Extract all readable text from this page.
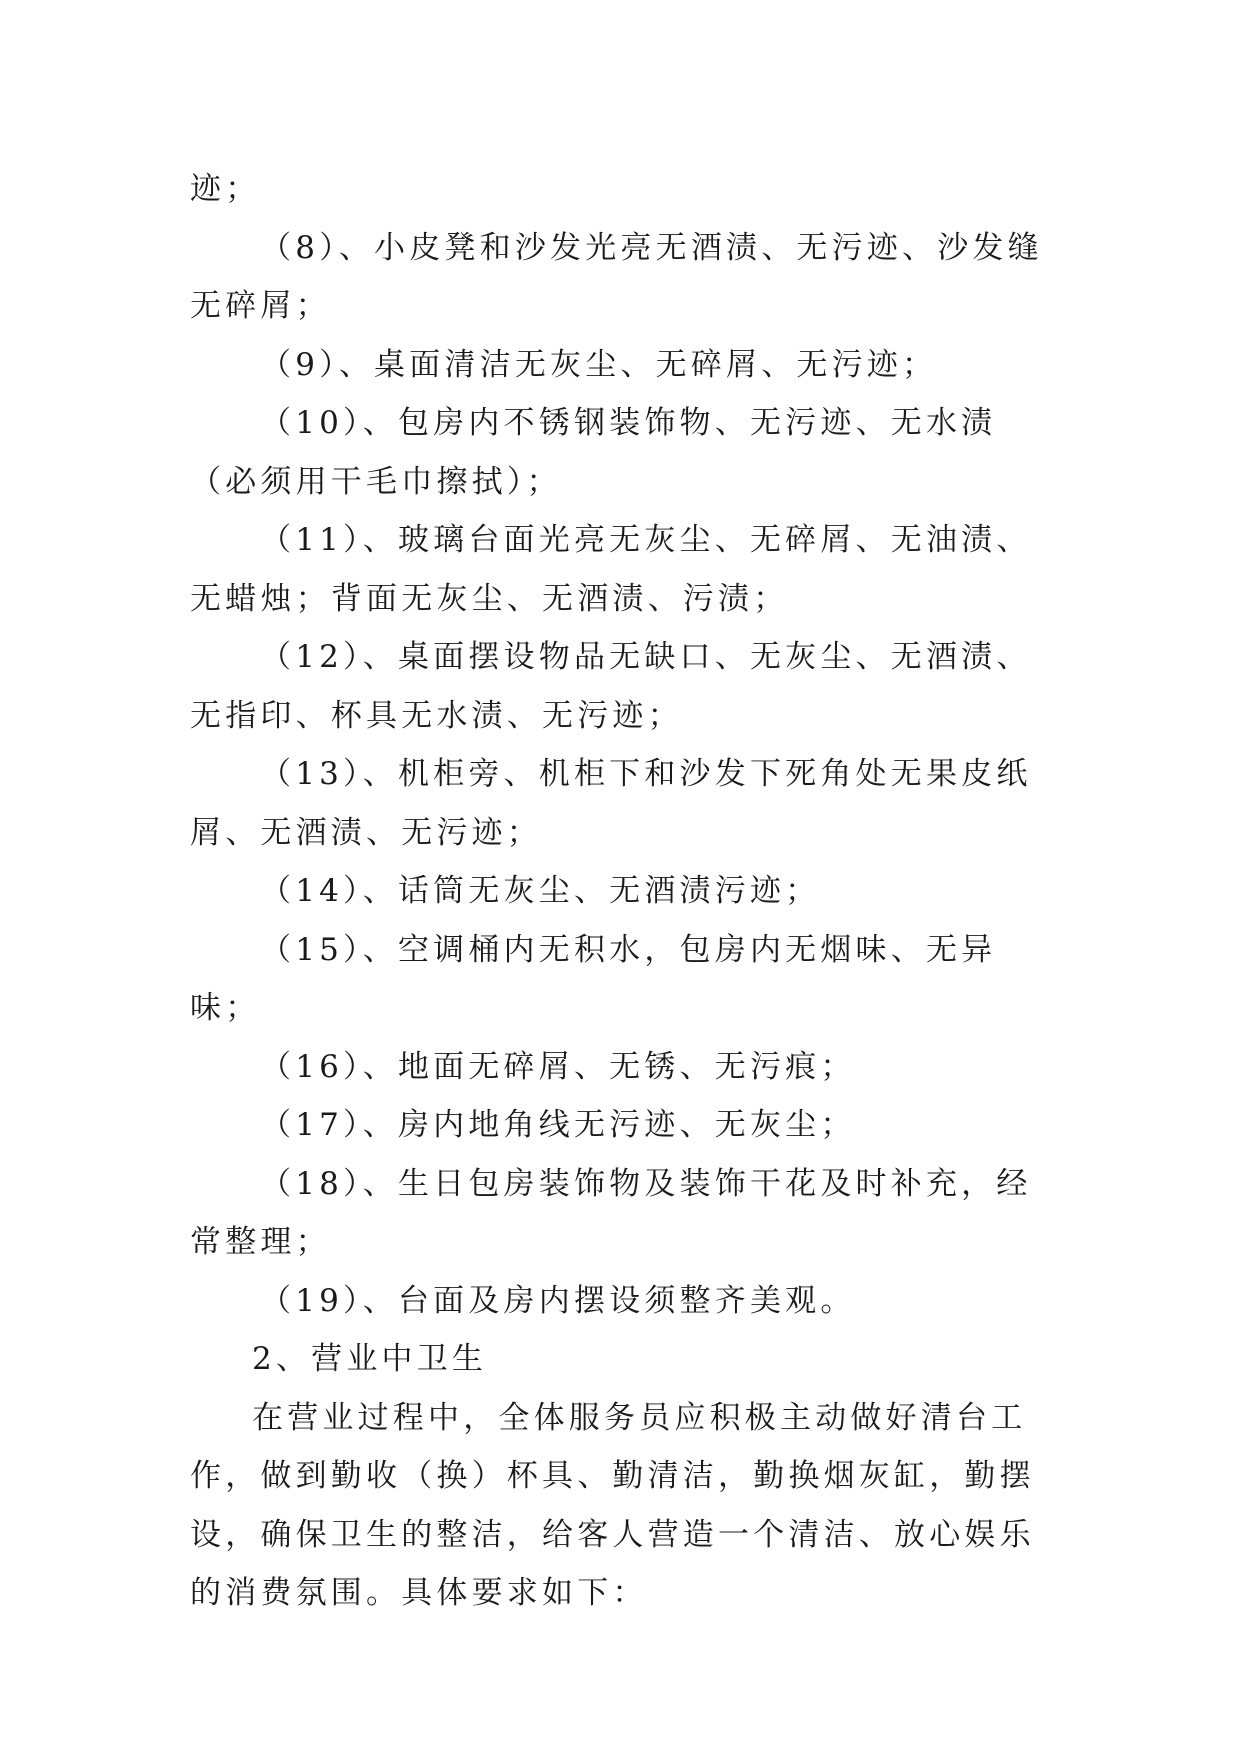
迹；

（8）、小皮凳和沙发光亮无酒渍、无污迹、沙发缝无碎屑；

（9）、桌面清洁无灰尘、无碎屑、无污迹；

（10）、包房内不锈钢装饰物、无污迹、无水渍（必须用干毛巾擦拭）；

（11）、玻璃台面光亮无灰尘、无碎屑、无油渍、无蜡烛；背面无灰尘、无酒渍、污渍；

（12）、桌面摆设物品无缺口、无灰尘、无酒渍、无指印、杯具无水渍、无污迹；

（13）、机柜旁、机柜下和沙发下死角处无果皮纸屑、无酒渍、无污迹；

（14）、话筒无灰尘、无酒渍污迹；

（15）、空调桶内无积水，包房内无烟味、无异味；

（16）、地面无碎屑、无锈、无污痕；

（17）、房内地角线无污迹、无灰尘；

（18）、生日包房装饰物及装饰干花及时补充，经常整理；

（19）、台面及房内摆设须整齐美观。

2、营业中卫生

在营业过程中，全体服务员应积极主动做好清台工作，做到勤收（换）杯具、勤清洁，勤换烟灰缸，勤摆设，确保卫生的整洁，给客人营造一个清洁、放心娱乐的消费氛围。具体要求如下：
